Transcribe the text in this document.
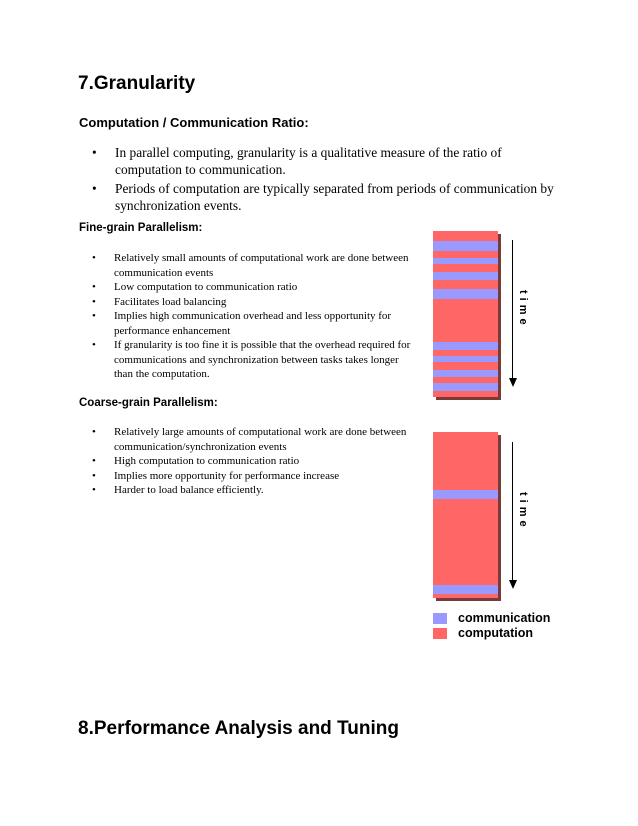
7.Granularity
Computation / Communication Ratio:
• In parallel computing, granularity is a qualitative measure of the ratio of computation to communication.
• Periods of computation are typically separated from periods of communication by synchronization events.
Fine-grain Parallelism:
• Relatively small amounts of computational work are done between communication events
• Low computation to communication ratio
• Facilitates load balancing
• Implies high communication overhead and less opportunity for performance enhancement
• If granularity is too fine it is possible that the overhead required for communications and synchronization between tasks takes longer than the computation.
Coarse-grain Parallelism:
• Relatively large amounts of computational work are done between communication/synchronization events
• High computation to communication ratio
• Implies more opportunity for performance increase
• Harder to load balance efficiently.
time
time
communication
computation
8.Performance Analysis and Tuning
